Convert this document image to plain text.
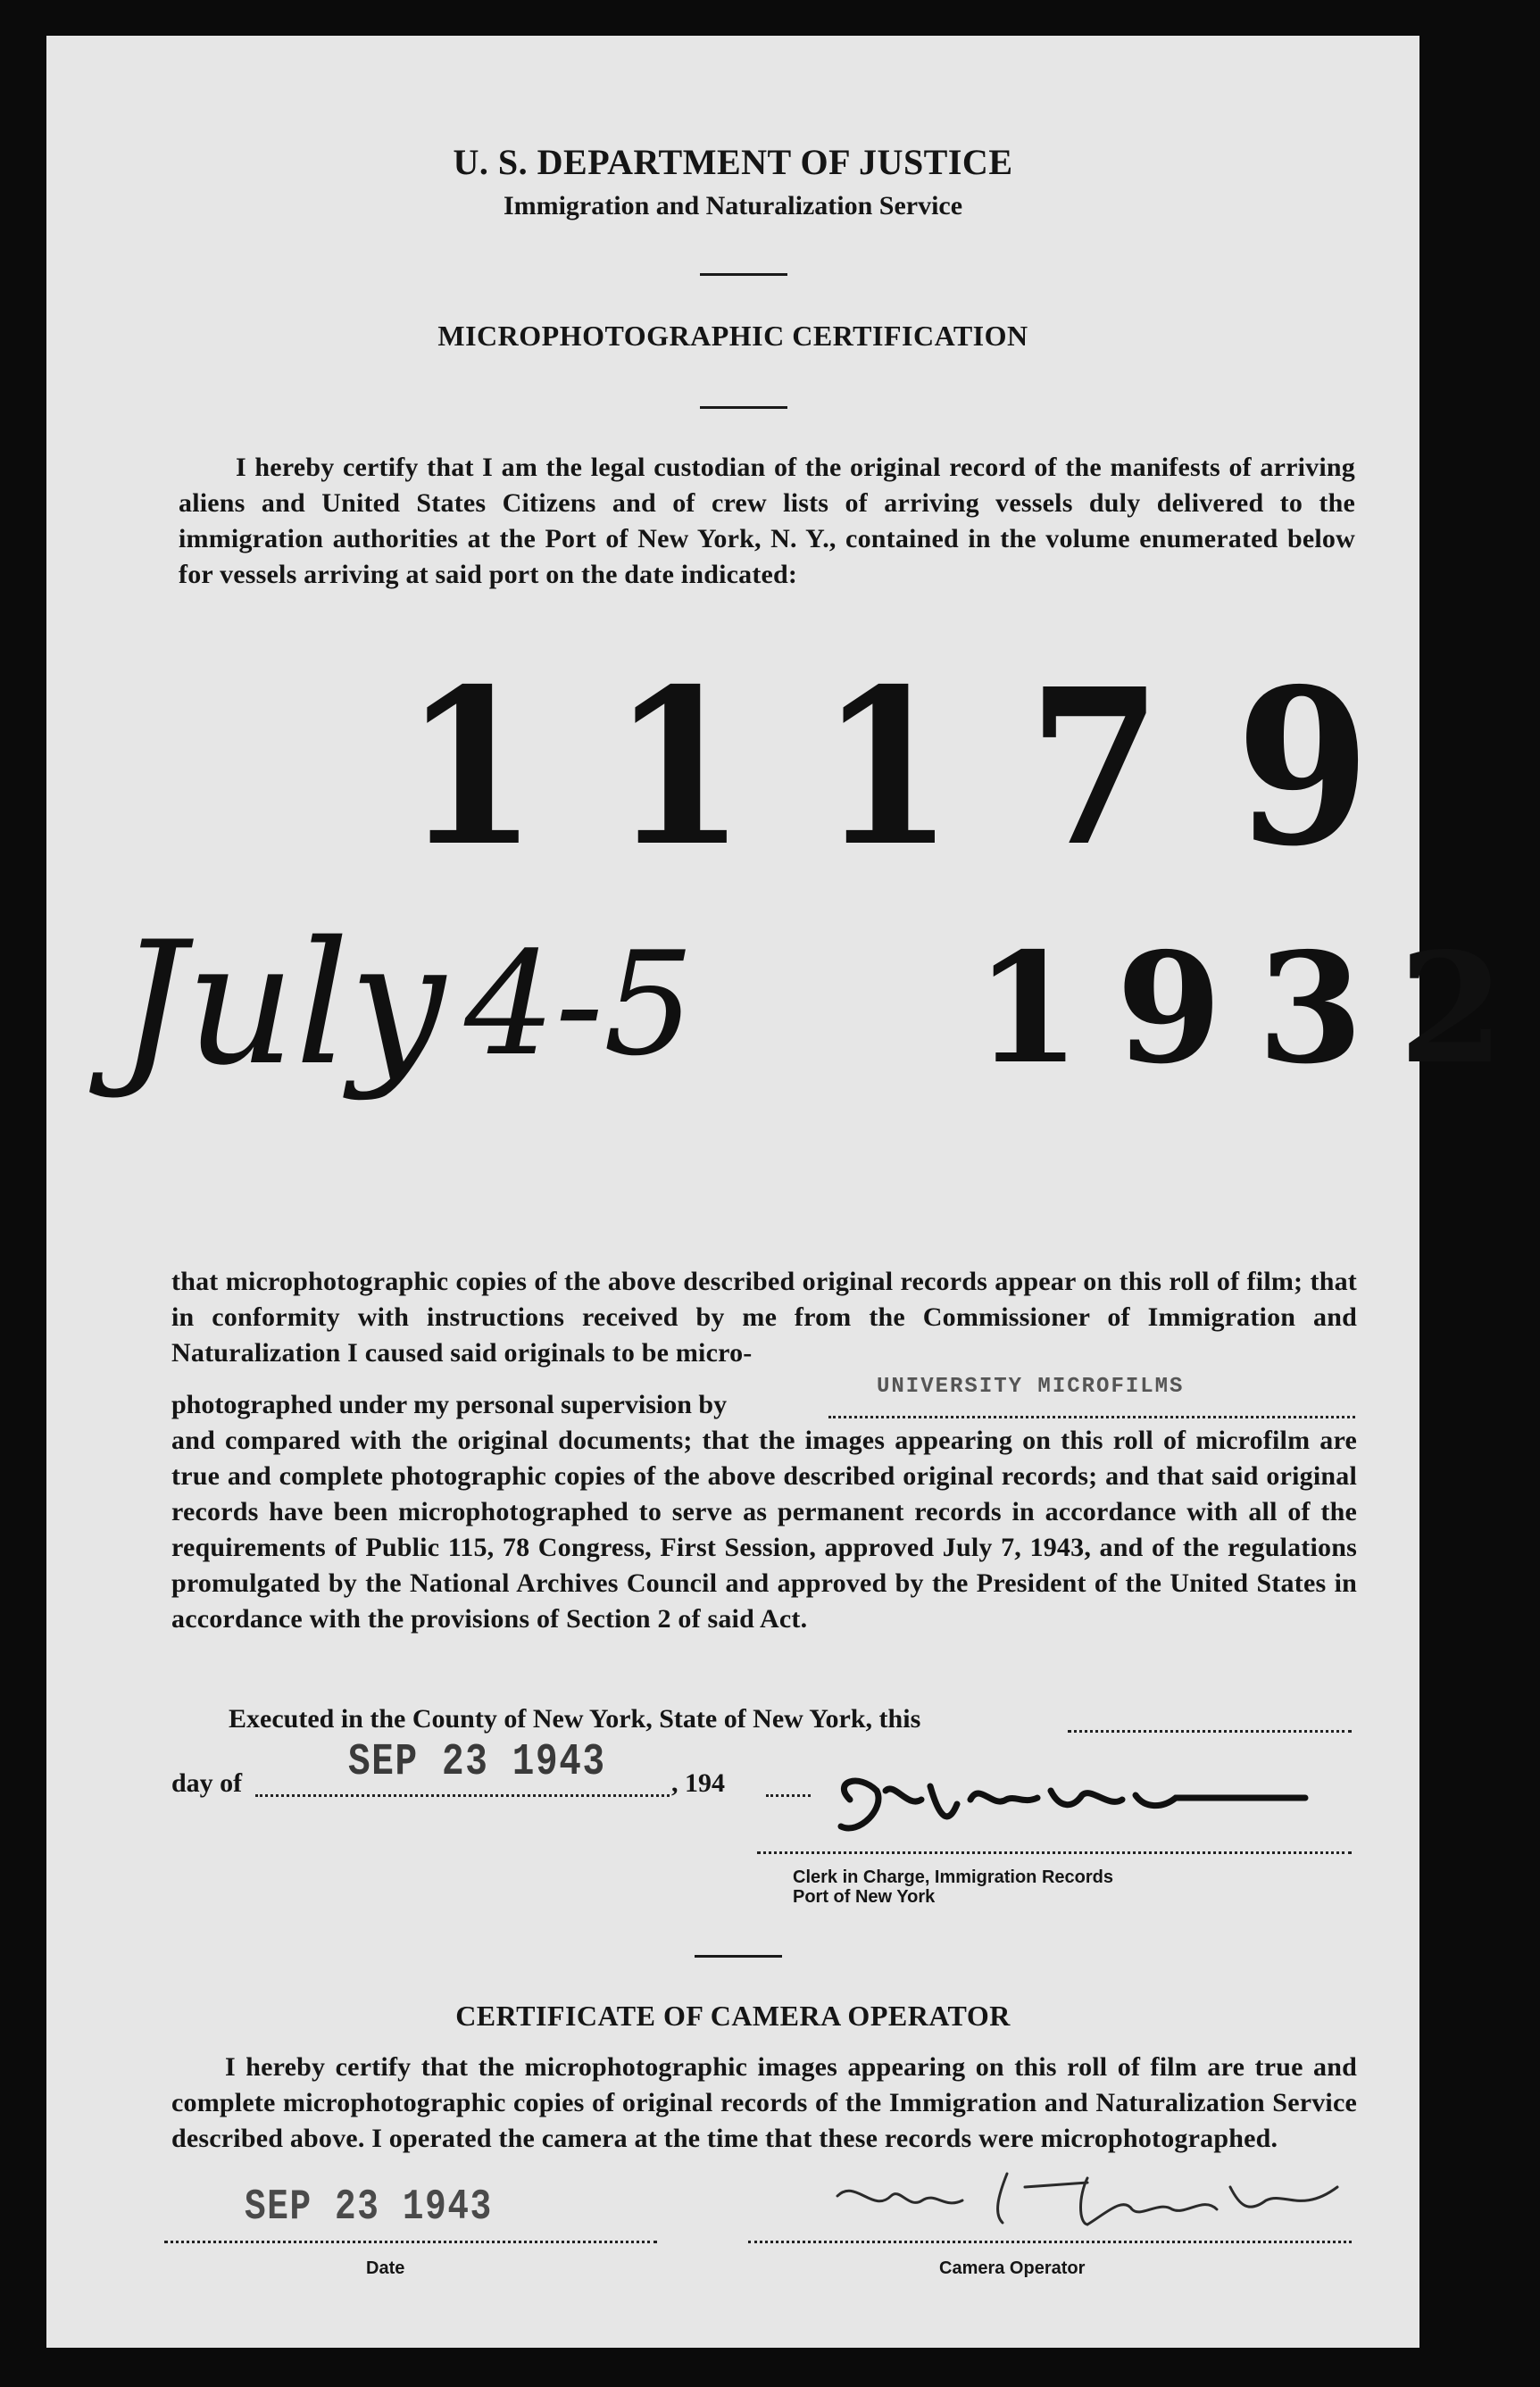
U. S. DEPARTMENT OF JUSTICE
Immigration and Naturalization Service
MICROPHOTOGRAPHIC CERTIFICATION
I hereby certify that I am the legal custodian of the original record of the manifests of arriving aliens and United States Citizens and of crew lists of arriving vessels duly delivered to the immigration authorities at the Port of New York, N. Y., contained in the volume enumerated below for vessels arriving at said port on the date indicated:
11179
July 4-5 1932
that microphotographic copies of the above described original records appear on this roll of film; that in conformity with instructions received by me from the Commissioner of Immigration and Naturalization I caused said originals to be micro-
photographed under my personal supervision by
UNIVERSITY MICROFILMS
and compared with the original documents; that the images appearing on this roll of microfilm are true and complete photographic copies of the above described original records; and that said original records have been microphotographed to serve as permanent records in accordance with all of the requirements of Public 115, 78 Congress, First Session, approved July 7, 1943, and of the regulations promulgated by the National Archives Council and approved by the President of the United States in accordance with the provisions of Section 2 of said Act.
Executed in the County of New York, State of New York, this
day of SEP 23 1943 , 194
Clerk in Charge, Immigration Records
Port of New York
CERTIFICATE OF CAMERA OPERATOR
I hereby certify that the microphotographic images appearing on this roll of film are true and complete microphotographic copies of original records of the Immigration and Naturalization Service described above. I operated the camera at the time that these records were microphotographed.
SEP 23 1943
Date	Camera Operator
